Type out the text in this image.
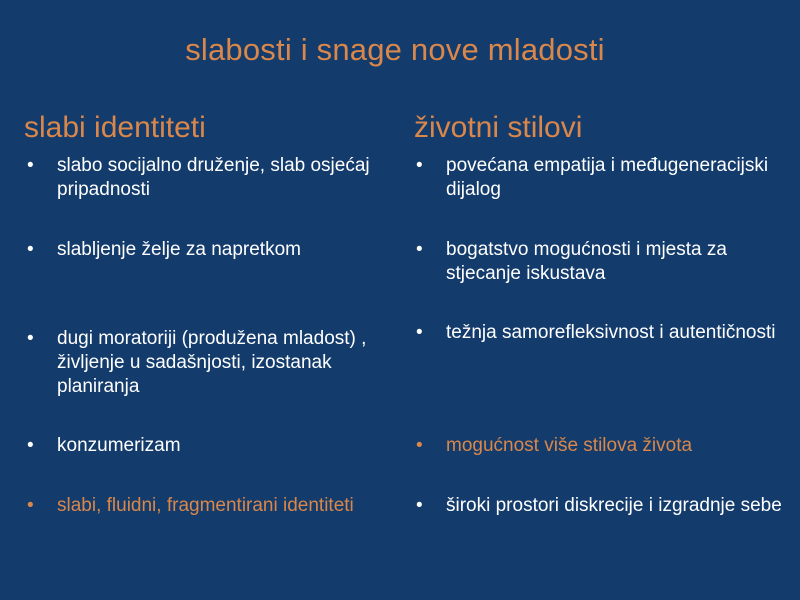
slabosti i snage nove mladosti
slabi identiteti	životni stilovi
•	slabo socijalno druženje, slab osjećaj pripadnosti
•	slabljenje želje za napretkom
•	dugi moratoriji (produžena mladost) , življenje u sadašnjosti, izostanak planiranja
•	konzumerizam
•	slabi, fluidni, fragmentirani identiteti
•	povećana empatija i međugeneracijski dijalog
•	bogatstvo mogućnosti i mjesta za stjecanje iskustava
•	težnja samorefleksivnost i autentičnosti
•	mogućnost više stilova života
•	široki prostori diskrecije i izgradnje sebe
